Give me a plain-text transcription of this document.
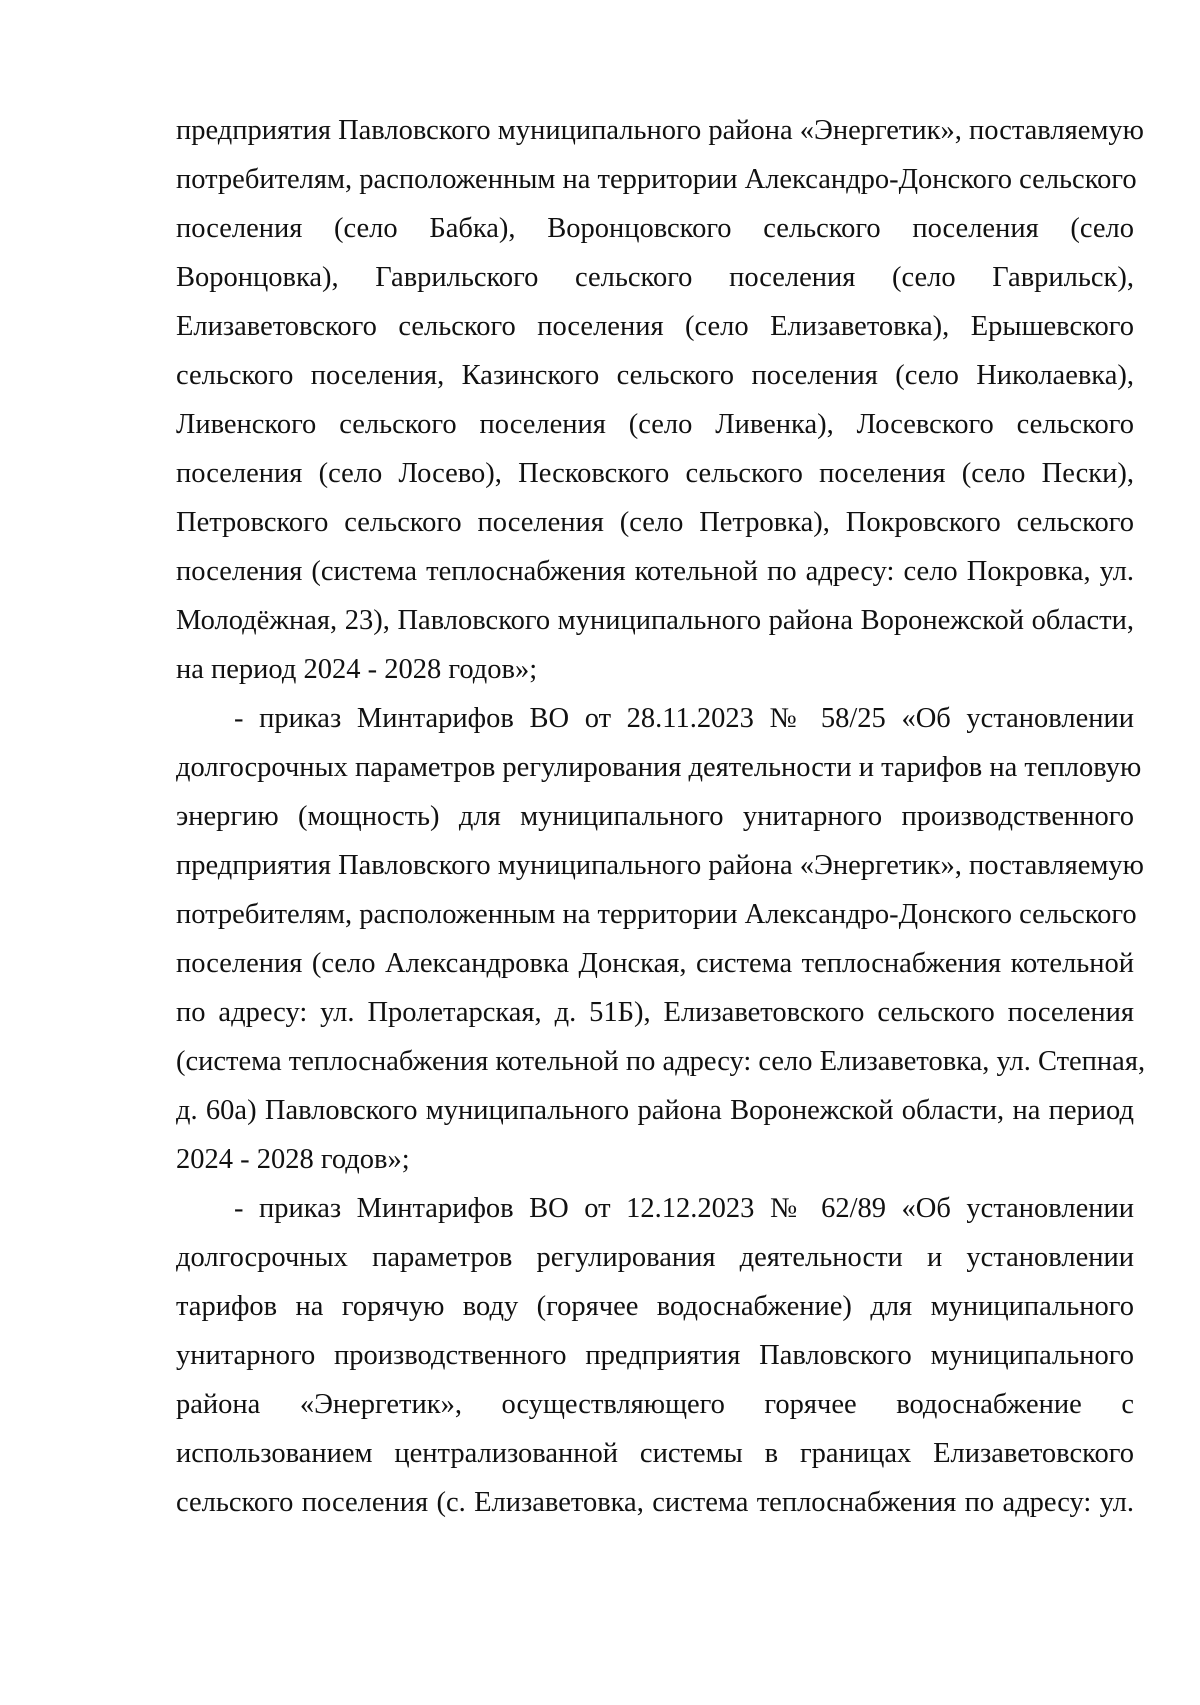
предприятия Павловского муниципального района «Энергетик», поставляемую
потребителям, расположенным на территории Александро-Донского сельского
поселения (село Бабка), Воронцовского сельского поселения (село
Воронцовка), Гаврильского сельского поселения (село Гаврильск),
Елизаветовского сельского поселения (село Елизаветовка), Ерышевского
сельского поселения, Казинского сельского поселения (село Николаевка),
Ливенского сельского поселения (село Ливенка), Лосевского сельского
поселения (село Лосево), Песковского сельского поселения (село Пески),
Петровского сельского поселения (село Петровка), Покровского сельского
поселения (система теплоснабжения котельной по адресу: село Покровка, ул.
Молодёжная, 23), Павловского муниципального района Воронежской области,
на период 2024 - 2028 годов»;

- приказ Минтарифов ВО от 28.11.2023 № 58/25 «Об установлении
долгосрочных параметров регулирования деятельности и тарифов на тепловую
энергию (мощность) для муниципального унитарного производственного
предприятия Павловского муниципального района «Энергетик», поставляемую
потребителям, расположенным на территории Александро-Донского сельского
поселения (село Александровка Донская, система теплоснабжения котельной
по адресу: ул. Пролетарская, д. 51Б), Елизаветовского сельского поселения
(система теплоснабжения котельной по адресу: село Елизаветовка, ул. Степная,
д. 60а) Павловского муниципального района Воронежской области, на период
2024 - 2028 годов»;

- приказ Минтарифов ВО от 12.12.2023 № 62/89 «Об установлении
долгосрочных параметров регулирования деятельности и установлении
тарифов на горячую воду (горячее водоснабжение) для муниципального
унитарного производственного предприятия Павловского муниципального
района «Энергетик», осуществляющего горячее водоснабжение с
использованием централизованной системы в границах Елизаветовского
сельского поселения (с. Елизаветовка, система теплоснабжения по адресу: ул.
